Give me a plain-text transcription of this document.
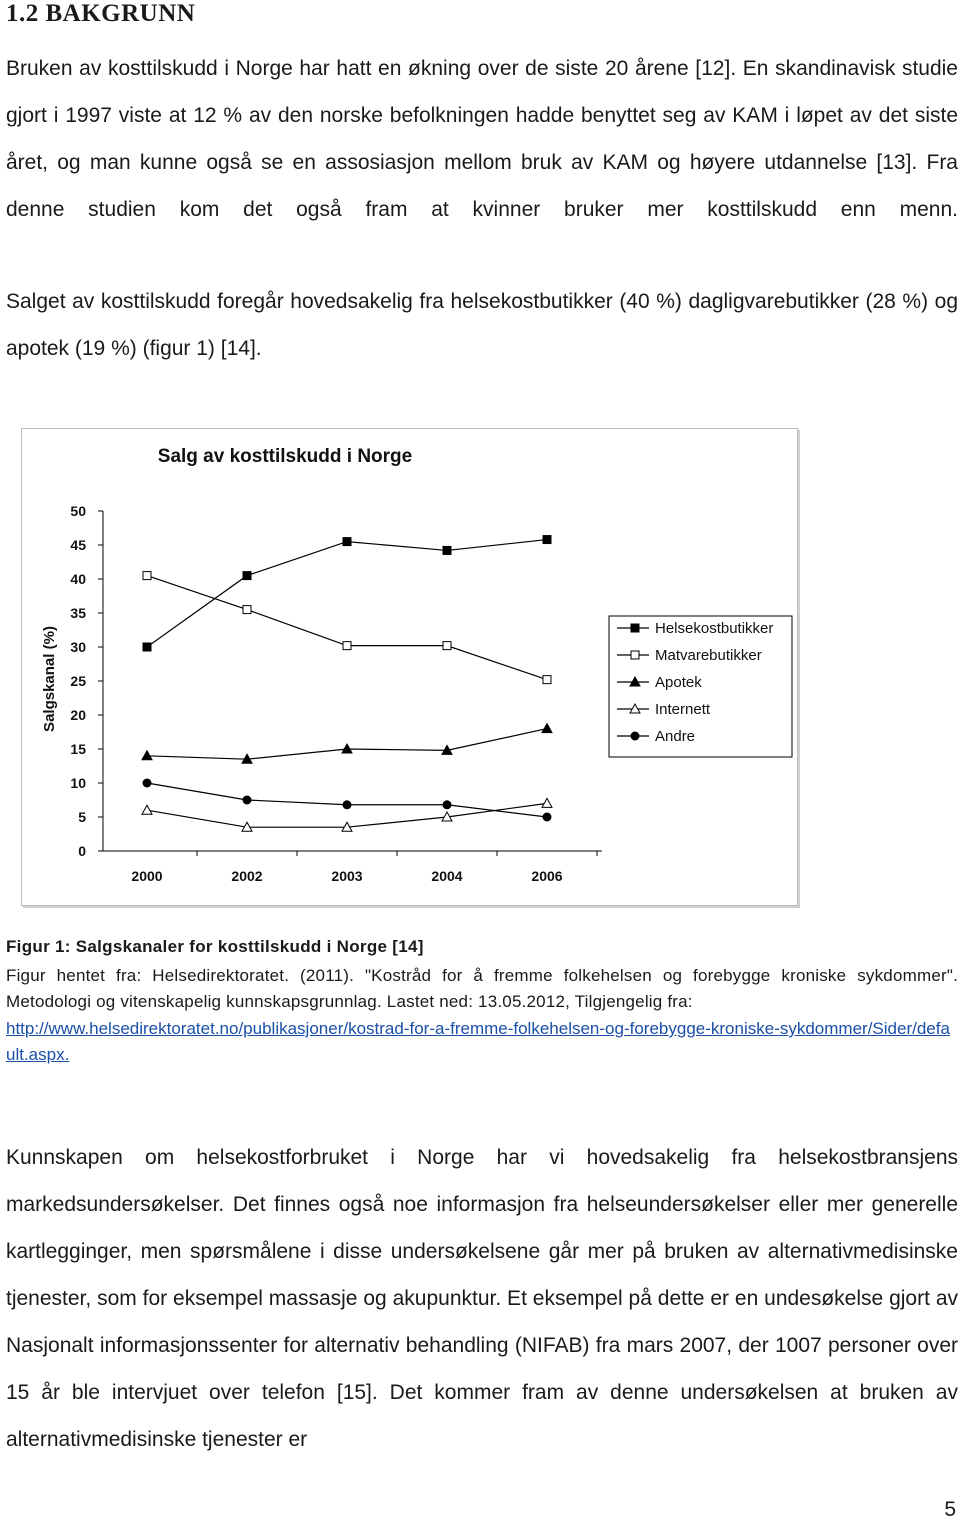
1.2 BAKGRUNN

Bruken av kosttilskudd i Norge har hatt en økning over de siste 20 årene [12]. En skandinavisk studie gjort i 1997 viste at 12 % av den norske befolkningen hadde benyttet seg av KAM i løpet av det siste året, og man kunne også se en assosiasjon mellom bruk av KAM og høyere utdannelse [13]. Fra denne studien kom det også fram at kvinner bruker mer kosttilskudd enn menn.

Salget av kosttilskudd foregår hovedsakelig fra helsekostbutikker (40 %) dagligvarebutikker (28 %) og apotek (19 %) (figur 1) [14].

Salg av kosttilskudd i Norge
Salgskanal (%)
0
5
10
15
20
25
30
35
40
45
50
2000	2002	2003	2004	2006
Helsekostbutikker
Matvarebutikker
Apotek
Internett
Andre
Figur 1: Salgskanaler for kosttilskudd i Norge [14]

Figur hentet fra: Helsedirektoratet. (2011). "Kostråd for å fremme folkehelsen og forebygge kroniske sykdommer". Metodologi og vitenskapelig kunnskapsgrunnlag. Lastet ned: 13.05.2012, Tilgjengelig fra:

http://www.helsedirektoratet.no/publikasjoner/kostrad-for-a-fremme-folkehelsen-og-forebygge-kroniske-sykdommer/Sider/default.aspx.

Kunnskapen om helsekostforbruket i Norge har vi hovedsakelig fra helsekostbransjens markedsundersøkelser. Det finnes også noe informasjon fra helseundersøkelser eller mer generelle kartlegginger, men spørsmålene i disse undersøkelsene går mer på bruken av alternativmedisinske tjenester, som for eksempel massasje og akupunktur. Et eksempel på dette er en undesøkelse gjort av Nasjonalt informasjonssenter for alternativ behandling (NIFAB) fra mars 2007, der 1007 personer over 15 år ble intervjuet over telefon [15]. Det kommer fram av denne undersøkelsen at bruken av alternativmedisinske tjenester er

5
